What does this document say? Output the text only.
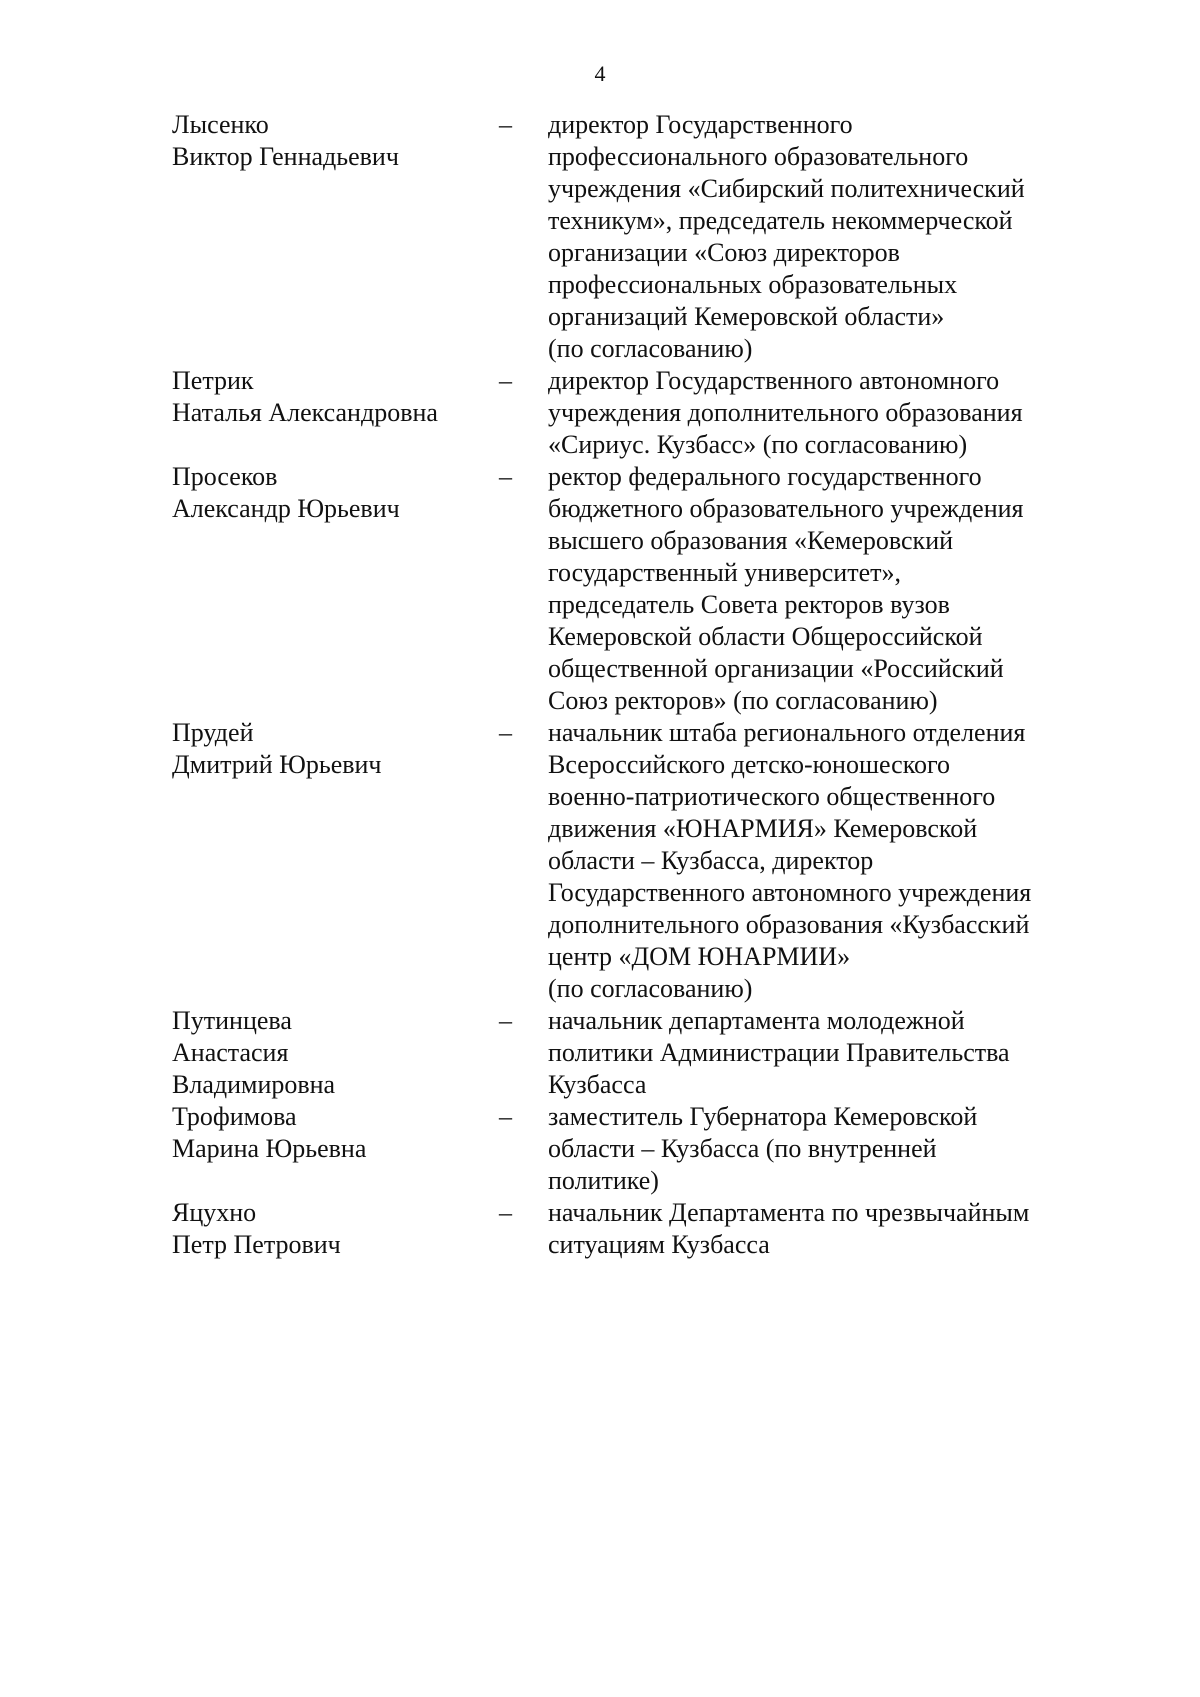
4
Лысенко
Виктор Геннадьевич
– директор Государственного
профессионального образовательного
учреждения «Сибирский политехнический
техникум», председатель некоммерческой
организации «Союз директоров
профессиональных образовательных
организаций Кемеровской области»
(по согласованию)
Петрик
Наталья Александровна
– директор Государственного автономного
учреждения дополнительного образования
«Сириус. Кузбасс» (по согласованию)
Просеков
Александр Юрьевич
– ректор федерального государственного
бюджетного образовательного учреждения
высшего образования «Кемеровский
государственный университет»,
председатель Совета ректоров вузов
Кемеровской области Общероссийской
общественной организации «Российский
Союз ректоров» (по согласованию)
Прудей
Дмитрий Юрьевич
– начальник штаба регионального отделения
Всероссийского детско-юношеского
военно-патриотического общественного
движения «ЮНАРМИЯ» Кемеровской
области – Кузбасса, директор
Государственного автономного учреждения
дополнительного образования «Кузбасский
центр «ДОМ ЮНАРМИИ»
(по согласованию)
Путинцева
Анастасия
Владимировна
– начальник департамента молодежной
политики Администрации Правительства
Кузбасса
Трофимова
Марина Юрьевна
– заместитель Губернатора Кемеровской
области – Кузбасса (по внутренней
политике)
Яцухно
Петр Петрович
– начальник Департамента по чрезвычайным
ситуациям Кузбасса
